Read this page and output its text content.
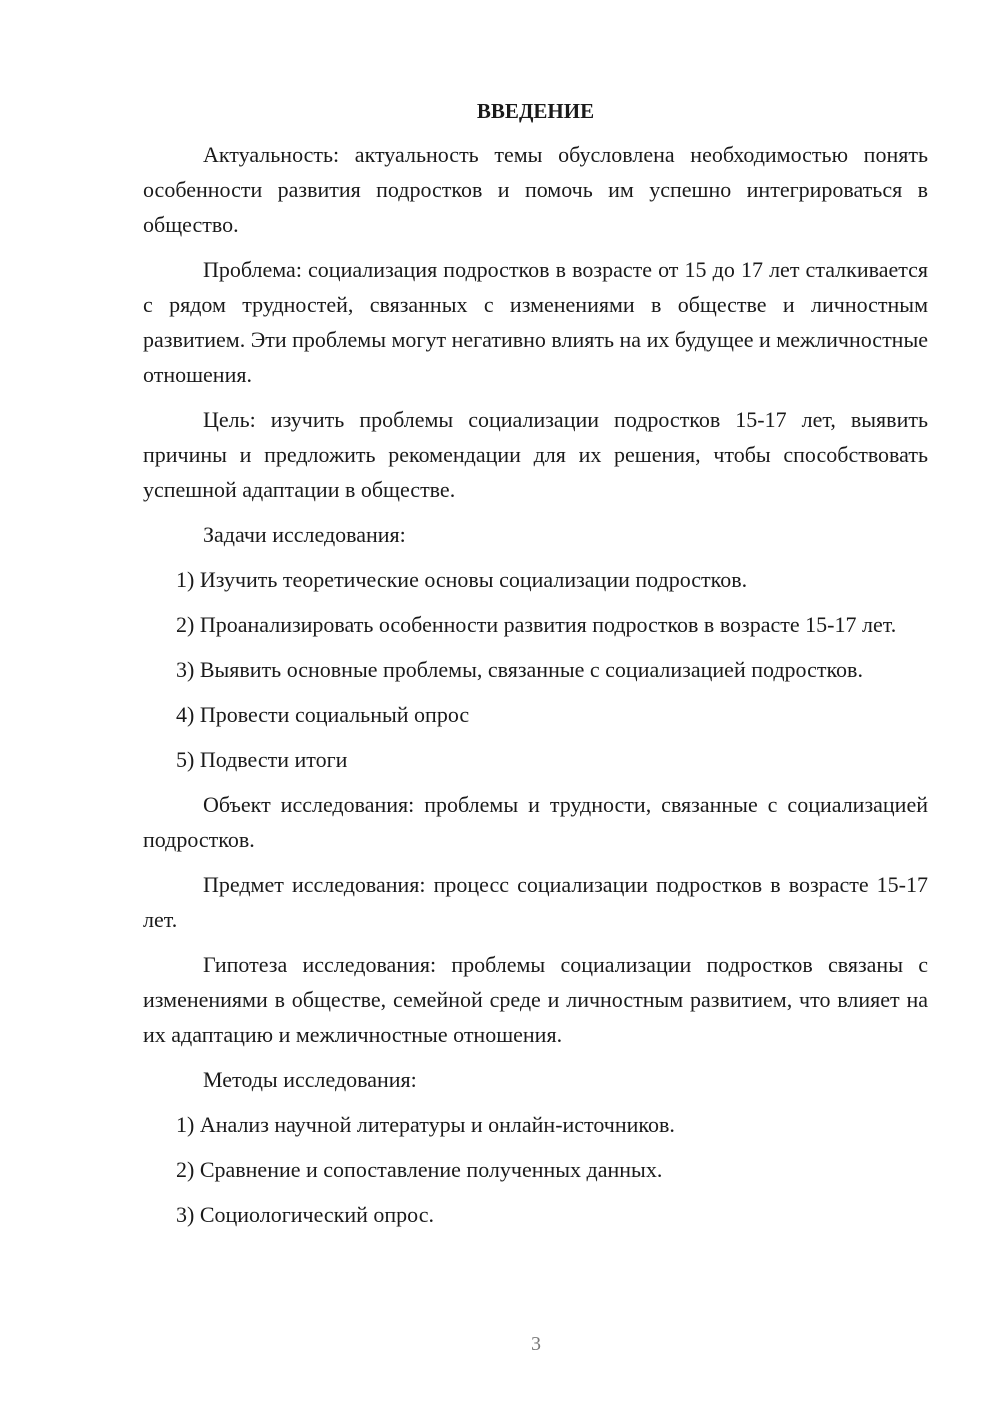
ВВЕДЕНИЕ

Актуальность: актуальность темы обусловлена необходимостью понять особенности развития подростков и помочь им успешно интегрироваться в общество.

Проблема: социализация подростков в возрасте от 15 до 17 лет сталкивается с рядом трудностей, связанных с изменениями в обществе и личностным развитием. Эти проблемы могут негативно влиять на их будущее и межличностные отношения.

Цель: изучить проблемы социализации подростков 15-17 лет, выявить причины и предложить рекомендации для их решения, чтобы способствовать успешной адаптации в обществе.

Задачи исследования:

1) Изучить теоретические основы социализации подростков.

2) Проанализировать особенности развития подростков в возрасте 15-17 лет.

3) Выявить основные проблемы, связанные с социализацией подростков.

4) Провести социальный опрос

5) Подвести итоги

Объект исследования: проблемы и трудности, связанные с социализацией подростков.

Предмет исследования: процесс социализации подростков в возрасте 15-17 лет.

Гипотеза исследования: проблемы социализации подростков связаны с изменениями в обществе, семейной среде и личностным развитием, что влияет на их адаптацию и межличностные отношения.

Методы исследования:

1) Анализ научной литературы и онлайн-источников.

2) Сравнение и сопоставление полученных данных.

3) Социологический опрос.

3
